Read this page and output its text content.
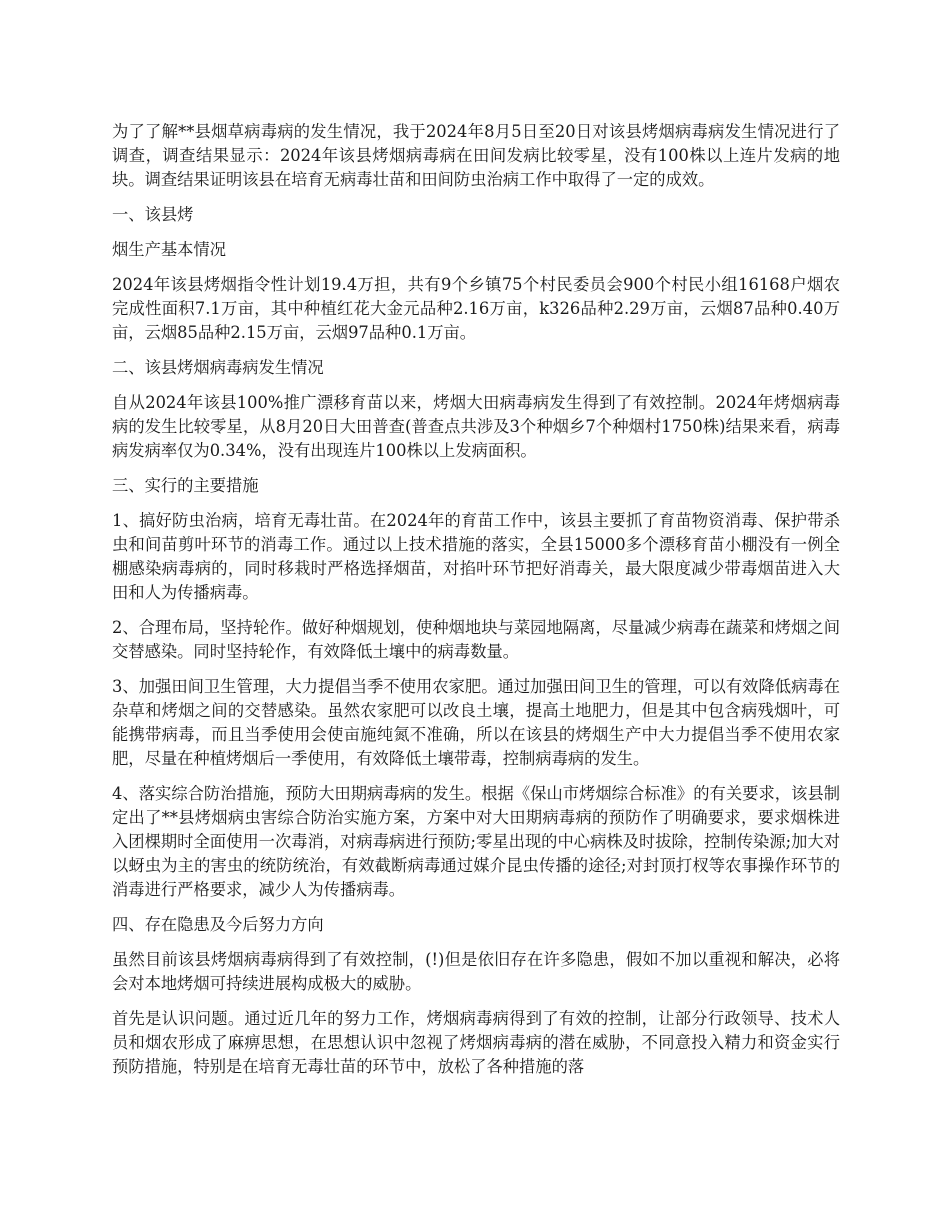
为了了解**县烟草病毒病的发生情况，我于2024年8月5日至20日对该县烤烟病毒病发生情况进行了调查，调查结果显示：2024年该县烤烟病毒病在田间发病比较零星，没有100株以上连片发病的地块。调查结果证明该县在培育无病毒壮苗和田间防虫治病工作中取得了一定的成效。

一、该县烤

烟生产基本情况

2024年该县烤烟指令性计划19.4万担，共有9个乡镇75个村民委员会900个村民小组16168户烟农完成性面积7.1万亩，其中种植红花大金元品种2.16万亩，k326品种2.29万亩，云烟87品种0.40万亩，云烟85品种2.15万亩，云烟97品种0.1万亩。

二、该县烤烟病毒病发生情况

自从2024年该县100%推广漂移育苗以来，烤烟大田病毒病发生得到了有效控制。2024年烤烟病毒病的发生比较零星，从8月20日大田普查(普查点共涉及3个种烟乡7个种烟村1750株)结果来看，病毒病发病率仅为0.34%，没有出现连片100株以上发病面积。

三、实行的主要措施

1、搞好防虫治病，培育无毒壮苗。在2024年的育苗工作中，该县主要抓了育苗物资消毒、保护带杀虫和间苗剪叶环节的消毒工作。通过以上技术措施的落实，全县15000多个漂移育苗小棚没有一例全棚感染病毒病的，同时移栽时严格选择烟苗，对掐叶环节把好消毒关，最大限度减少带毒烟苗进入大田和人为传播病毒。

2、合理布局，坚持轮作。做好种烟规划，使种烟地块与菜园地隔离，尽量减少病毒在蔬菜和烤烟之间交替感染。同时坚持轮作，有效降低土壤中的病毒数量。

3、加强田间卫生管理，大力提倡当季不使用农家肥。通过加强田间卫生的管理，可以有效降低病毒在杂草和烤烟之间的交替感染。虽然农家肥可以改良土壤，提高土地肥力，但是其中包含病残烟叶，可能携带病毒，而且当季使用会使亩施纯氮不准确，所以在该县的烤烟生产中大力提倡当季不使用农家肥，尽量在种植烤烟后一季使用，有效降低土壤带毒，控制病毒病的发生。

4、落实综合防治措施，预防大田期病毒病的发生。根据《保山市烤烟综合标准》的有关要求，该县制定出了**县烤烟病虫害综合防治实施方案，方案中对大田期病毒病的预防作了明确要求，要求烟株进入团棵期时全面使用一次毒消，对病毒病进行预防;零星出现的中心病株及时拔除，控制传染源;加大对以蚜虫为主的害虫的统防统治，有效截断病毒通过媒介昆虫传播的途径;对封顶打杈等农事操作环节的消毒进行严格要求，减少人为传播病毒。

四、存在隐患及今后努力方向

虽然目前该县烤烟病毒病得到了有效控制，(!)但是依旧存在许多隐患，假如不加以重视和解决，必将会对本地烤烟可持续进展构成极大的威胁。

首先是认识问题。通过近几年的努力工作，烤烟病毒病得到了有效的控制，让部分行政领导、技术人员和烟农形成了麻痹思想，在思想认识中忽视了烤烟病毒病的潜在威胁，不同意投入精力和资金实行预防措施，特别是在培育无毒壮苗的环节中，放松了各种措施的落
